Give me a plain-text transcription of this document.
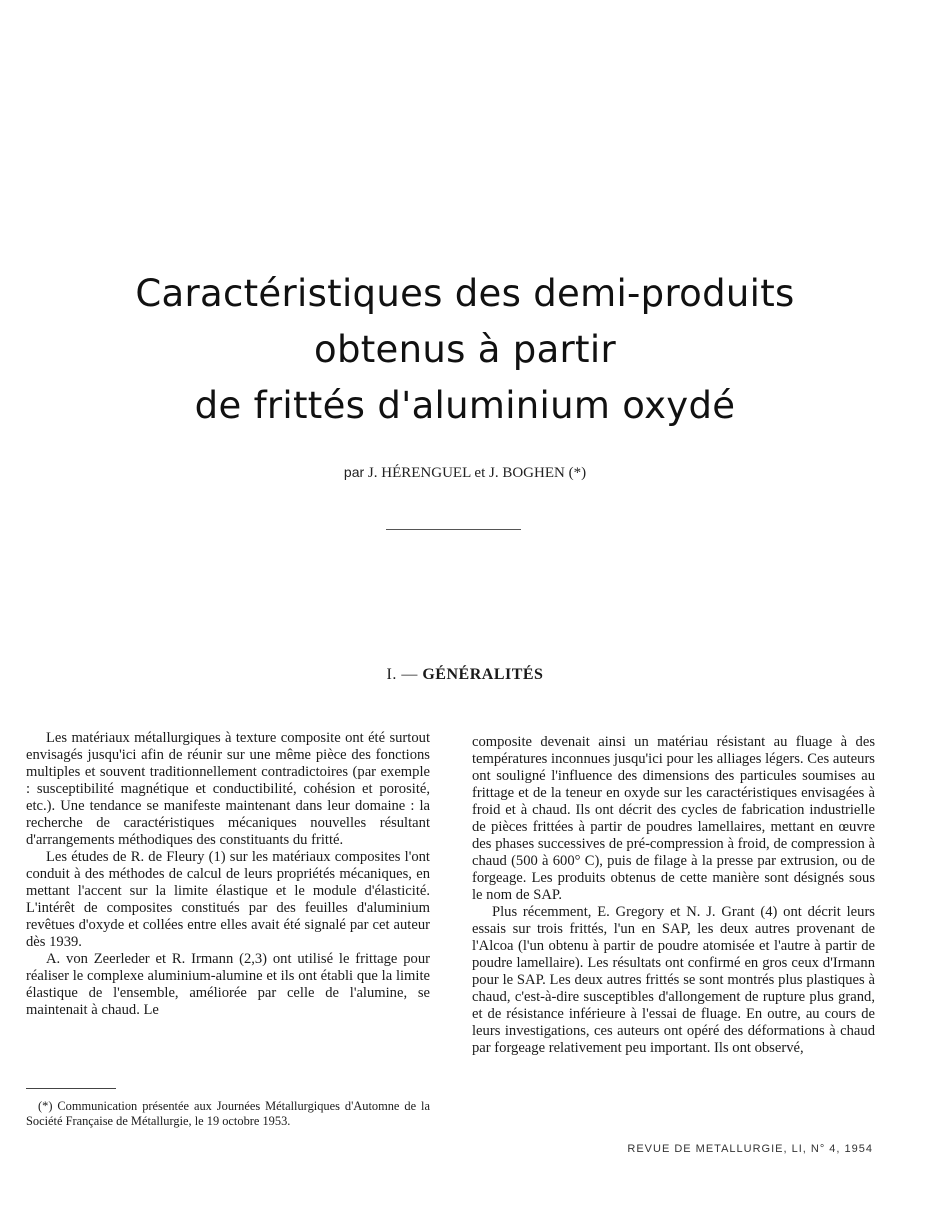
Caractéristiques des demi-produits
obtenus à partir
de frittés d'aluminium oxydé
par J. HÉRENGUEL et J. BOGHEN (*)
I. — GÉNÉRALITÉS

Les matériaux métallurgiques à texture composite ont été surtout envisagés jusqu'ici afin de réunir sur une même pièce des fonctions multiples et souvent traditionnellement contradictoires (par exemple : susceptibilité magnétique et conductibilité, cohésion et porosité, etc.). Une tendance se manifeste maintenant dans leur domaine : la recherche de caractéristiques mécaniques nouvelles résultant d'arrangements méthodiques des constituants du fritté.

Les études de R. de Fleury (1) sur les matériaux composites l'ont conduit à des méthodes de calcul de leurs propriétés mécaniques, en mettant l'accent sur la limite élastique et le module d'élasticité. L'intérêt de composites constitués par des feuilles d'aluminium revêtues d'oxyde et collées entre elles avait été signalé par cet auteur dès 1939.

A. von Zeerleder et R. Irmann (2,3) ont utilisé le frittage pour réaliser le complexe aluminium-alumine et ils ont établi que la limite élastique de l'ensemble, améliorée par celle de l'alumine, se maintenait à chaud. Le

composite devenait ainsi un matériau résistant au fluage à des températures inconnues jusqu'ici pour les alliages légers. Ces auteurs ont souligné l'influence des dimensions des particules soumises au frittage et de la teneur en oxyde sur les caractéristiques envisagées à froid et à chaud. Ils ont décrit des cycles de fabrication industrielle de pièces frittées à partir de poudres lamellaires, mettant en œuvre des phases successives de pré-compression à froid, de compression à chaud (500 à 600° C), puis de filage à la presse par extrusion, ou de forgeage. Les produits obtenus de cette manière sont désignés sous le nom de SAP.

Plus récemment, E. Gregory et N. J. Grant (4) ont décrit leurs essais sur trois frittés, l'un en SAP, les deux autres provenant de l'Alcoa (l'un obtenu à partir de poudre atomisée et l'autre à partir de poudre lamellaire). Les résultats ont confirmé en gros ceux d'Irmann pour le SAP. Les deux autres frittés se sont montrés plus plastiques à chaud, c'est-à-dire susceptibles d'allongement de rupture plus grand, et de résistance inférieure à l'essai de fluage. En outre, au cours de leurs investigations, ces auteurs ont opéré des déformations à chaud par forgeage relativement peu important. Ils ont observé,

(*) Communication présentée aux Journées Métallurgiques d'Automne de la Société Française de Métallurgie, le 19 octobre 1953.

REVUE DE METALLURGIE, LI, N° 4, 1954
